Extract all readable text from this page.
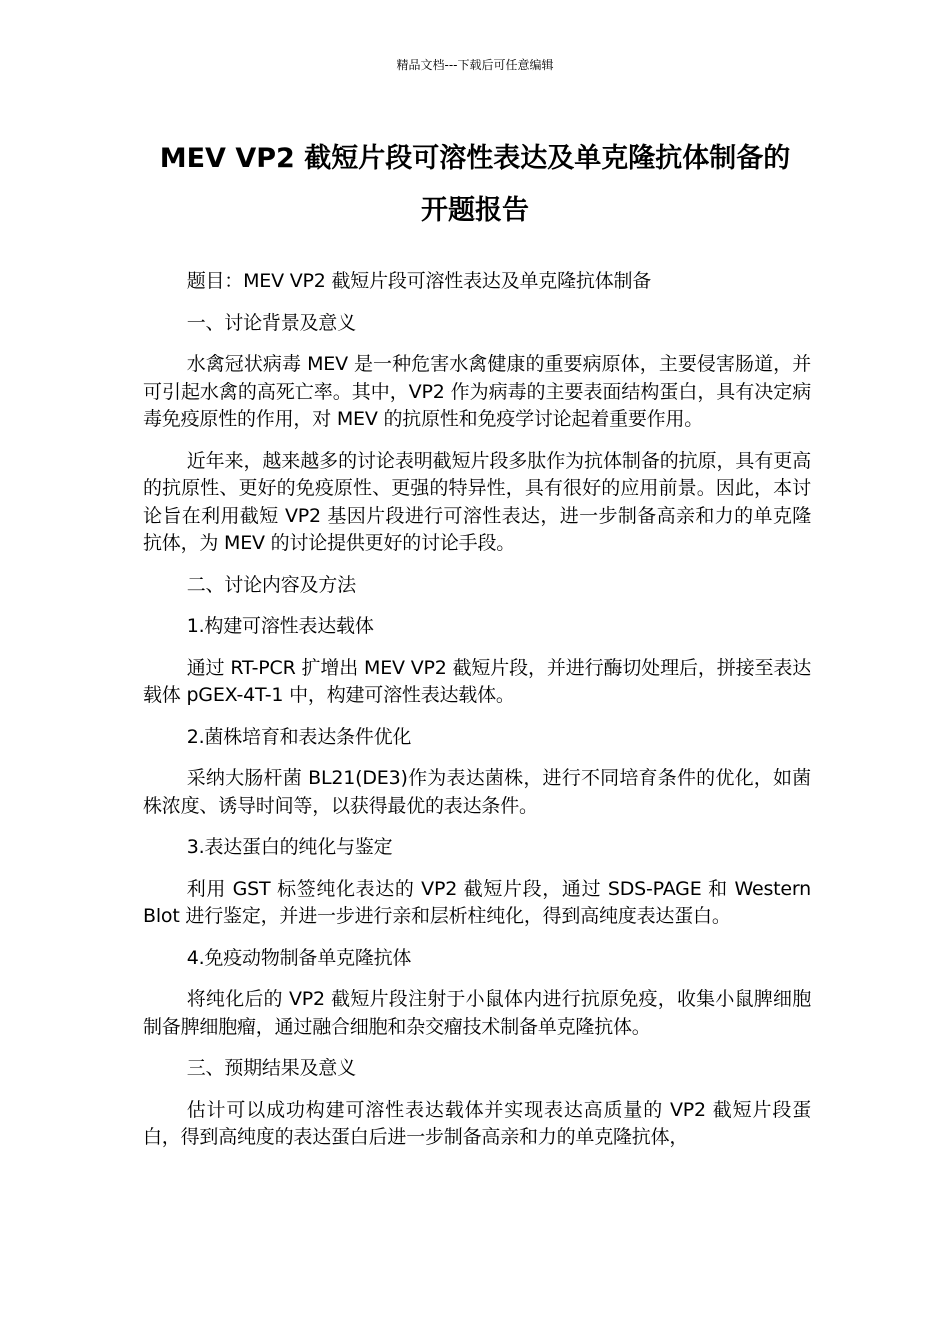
精品文档---下载后可任意编辑
MEV VP2 截短片段可溶性表达及单克隆抗体制备的
开题报告

题目：MEV VP2 截短片段可溶性表达及单克隆抗体制备

一、讨论背景及意义

水禽冠状病毒 MEV 是一种危害水禽健康的重要病原体，主要侵害肠道，并可引起水禽的高死亡率。其中，VP2 作为病毒的主要表面结构蛋白，具有决定病毒免疫原性的作用，对 MEV 的抗原性和免疫学讨论起着重要作用。

近年来，越来越多的讨论表明截短片段多肽作为抗体制备的抗原，具有更高的抗原性、更好的免疫原性、更强的特异性，具有很好的应用前景。因此，本讨论旨在利用截短 VP2 基因片段进行可溶性表达，进一步制备高亲和力的单克隆抗体，为 MEV 的讨论提供更好的讨论手段。

二、讨论内容及方法

1.构建可溶性表达载体

通过 RT-PCR 扩增出 MEV VP2 截短片段，并进行酶切处理后，拼接至表达载体 pGEX-4T-1 中，构建可溶性表达载体。

2.菌株培育和表达条件优化

采纳大肠杆菌 BL21(DE3)作为表达菌株，进行不同培育条件的优化，如菌株浓度、诱导时间等，以获得最优的表达条件。

3.表达蛋白的纯化与鉴定

利用 GST 标签纯化表达的 VP2 截短片段，通过 SDS-PAGE 和 Western Blot 进行鉴定，并进一步进行亲和层析柱纯化，得到高纯度表达蛋白。

4.免疫动物制备单克隆抗体

将纯化后的 VP2 截短片段注射于小鼠体内进行抗原免疫，收集小鼠脾细胞制备脾细胞瘤，通过融合细胞和杂交瘤技术制备单克隆抗体。

三、预期结果及意义

估计可以成功构建可溶性表达载体并实现表达高质量的 VP2 截短片段蛋白，得到高纯度的表达蛋白后进一步制备高亲和力的单克隆抗体，
